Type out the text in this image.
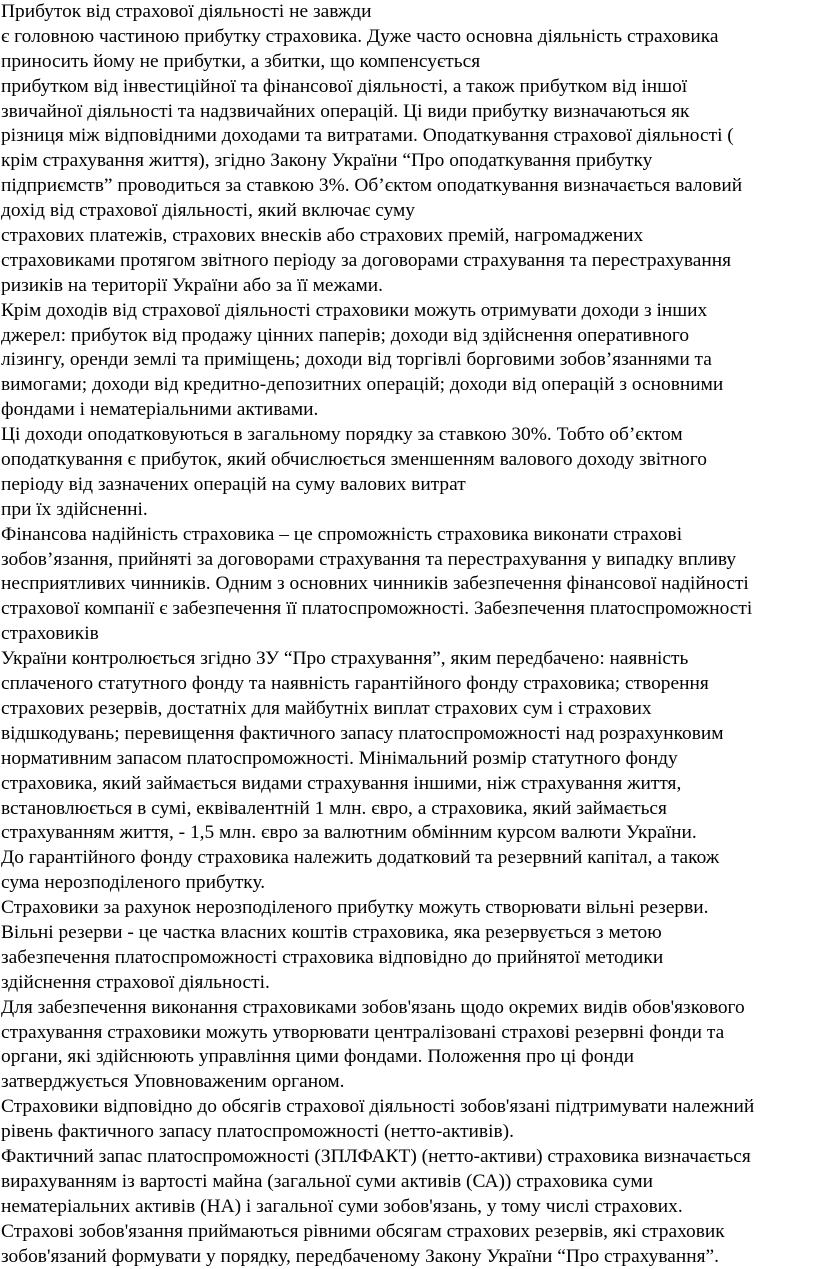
Прибуток від страхової діяльності не завжди
є головною частиною прибутку страховика. Дуже часто основна діяльність страховика
приносить йому не прибутки, а збитки, що компенсується
прибутком від інвестиційної та фінансової діяльності, а також прибутком від іншої
звичайної діяльності та надзвичайних операцій. Ці види прибутку визначаються як
різниця між відповідними доходами та витратами. Оподаткування страхової діяльності (
крім страхування життя), згідно Закону України “Про оподаткування прибутку
підприємств” проводиться за ставкою 3%. Об’єктом оподаткування визначається валовий
дохід від страхової діяльності, який включає суму
страхових платежів, страхових внесків або страхових премій, нагромаджених
страховиками протягом звітного періоду за договорами страхування та перестрахування
ризиків на території України або за її межами.
Крім доходів від страхової діяльності страховики можуть отримувати доходи з інших
джерел: прибуток від продажу цінних паперів; доходи від здійснення оперативного
лізингу, оренди землі та приміщень; доходи від торгівлі борговими зобов’язаннями та
вимогами; доходи від кредитно-депозитних операцій; доходи від операцій з основними
фондами і нематеріальними активами.
Ці доходи оподатковуються в загальному порядку за ставкою 30%. Тобто об’єктом
оподаткування є прибуток, який обчислюється зменшенням валового доходу звітного
періоду від зазначених операцій на суму валових витрат
при їх здійсненні.
Фінансова надійність страховика – це спроможність страховика виконати страхові
зобов’язання, прийняті за договорами страхування та перестрахування у випадку впливу
несприятливих чинників. Одним з основних чинників забезпечення фінансової надійності
страхової компанії є забезпечення її платоспроможності. Забезпечення платоспроможності
страховиків
України контролюється згідно ЗУ “Про страхування”, яким передбачено: наявність
сплаченого статутного фонду та наявність гарантійного фонду страховика; створення
страхових резервів, достатніх для майбутніх виплат страхових сум і страхових
відшкодувань; перевищення фактичного запасу платоспроможності над розрахунковим
нормативним запасом платоспроможності. Мінімальний розмір статутного фонду
страховика, який займається видами страхування іншими, ніж страхування життя,
встановлюється в сумі, еквівалентній 1 млн. євро, а страховика, який займається
страхуванням життя, - 1,5 млн. євро за валютним обмінним курсом валюти України.
До гарантійного фонду страховика належить додатковий та резервний капітал, а також
сума нерозподіленого прибутку.
Страховики за рахунок нерозподіленого прибутку можуть створювати вільні резерви.
Вільні резерви - це частка власних коштів страховика, яка резервується з метою
забезпечення платоспроможності страховика відповідно до прийнятої методики
здійснення страхової діяльності.
Для забезпечення виконання страховиками зобов'язань щодо окремих видів обов'язкового
страхування страховики можуть утворювати централізовані страхові резервні фонди та
органи, які здійснюють управління цими фондами. Положення про ці фонди
затверджується Уповноваженим органом.
Страховики відповідно до обсягів страхової діяльності зобов'язані підтримувати належний
рівень фактичного запасу платоспроможності (нетто-активів).
Фактичний запас платоспроможності (ЗПЛФАКТ) (нетто-активи) страховика визначається
вирахуванням із вартості майна (загальної суми активів (СА)) страховика суми
нематеріальних активів (НА) і загальної суми зобов'язань, у тому числі страхових.
Страхові зобов'язання приймаються рівними обсягам страхових резервів, які страховик
зобов'язаний формувати у порядку, передбаченому Закону України “Про страхування”.
